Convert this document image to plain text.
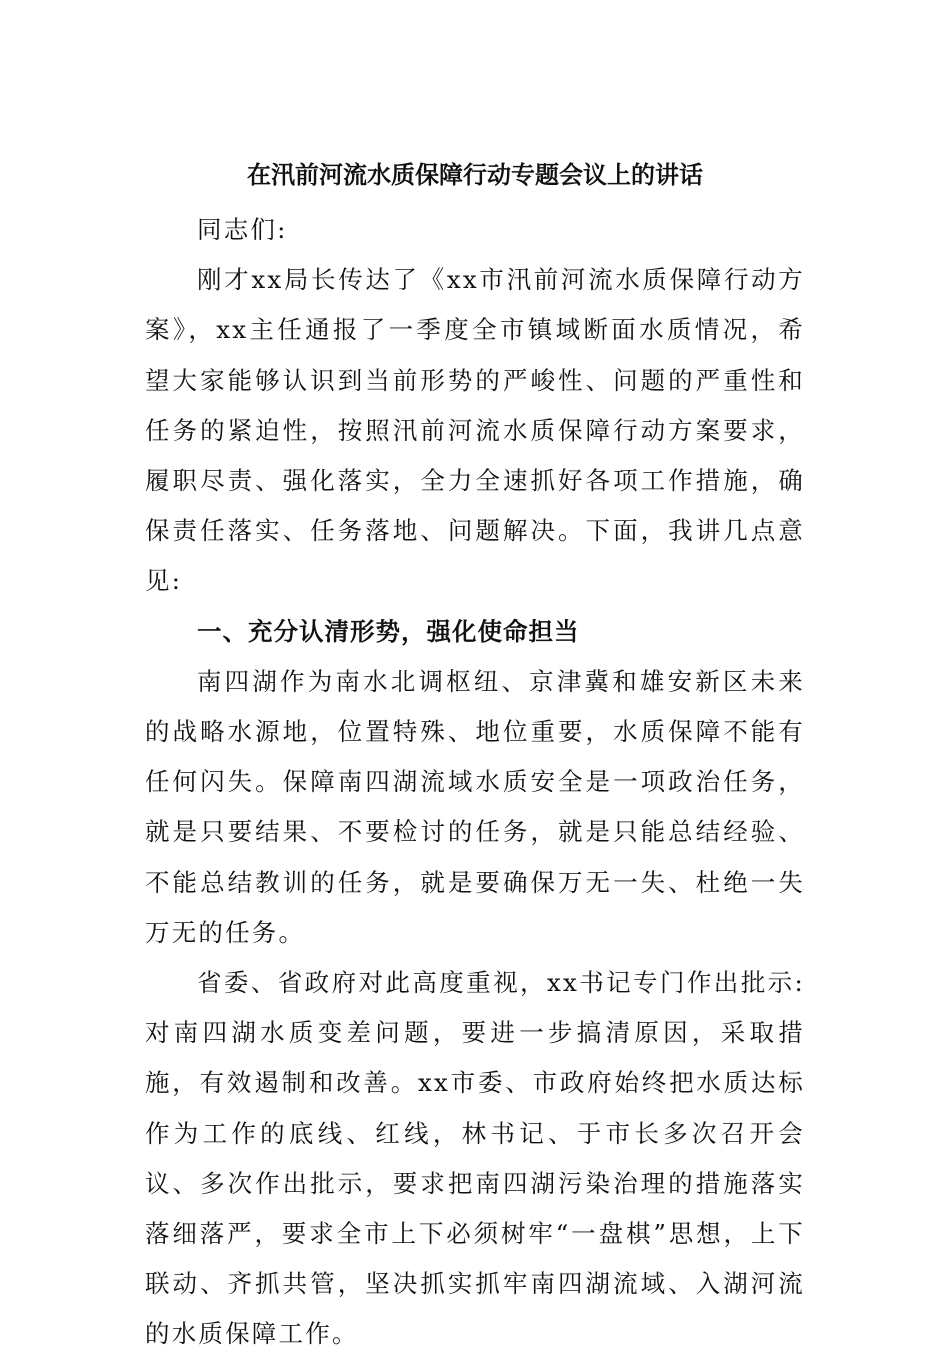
在汛前河流水质保障行动专题会议上的讲话

同志们:

刚才xx局长传达了《xx市汛前河流水质保障行动方案》，xx主任通报了一季度全市镇域断面水质情况，希望大家能够认识到当前形势的严峻性、问题的严重性和任务的紧迫性，按照汛前河流水质保障行动方案要求，履职尽责、强化落实，全力全速抓好各项工作措施，确保责任落实、任务落地、问题解决。下面，我讲几点意见:

一、充分认清形势，强化使命担当

南四湖作为南水北调枢纽、京津冀和雄安新区未来的战略水源地，位置特殊、地位重要，水质保障不能有任何闪失。保障南四湖流域水质安全是一项政治任务，就是只要结果、不要检讨的任务，就是只能总结经验、不能总结教训的任务，就是要确保万无一失、杜绝一失万无的任务。

省委、省政府对此高度重视，xx书记专门作出批示:对南四湖水质变差问题，要进一步搞清原因，采取措施，有效遏制和改善。xx市委、市政府始终把水质达标作为工作的底线、红线，林书记、于市长多次召开会议、多次作出批示，要求把南四湖污染治理的措施落实落细落严，要求全市上下必须树牢“一盘棋”思想，上下联动、齐抓共管，坚决抓实抓牢南四湖流域、入湖河流的水质保障工作。
